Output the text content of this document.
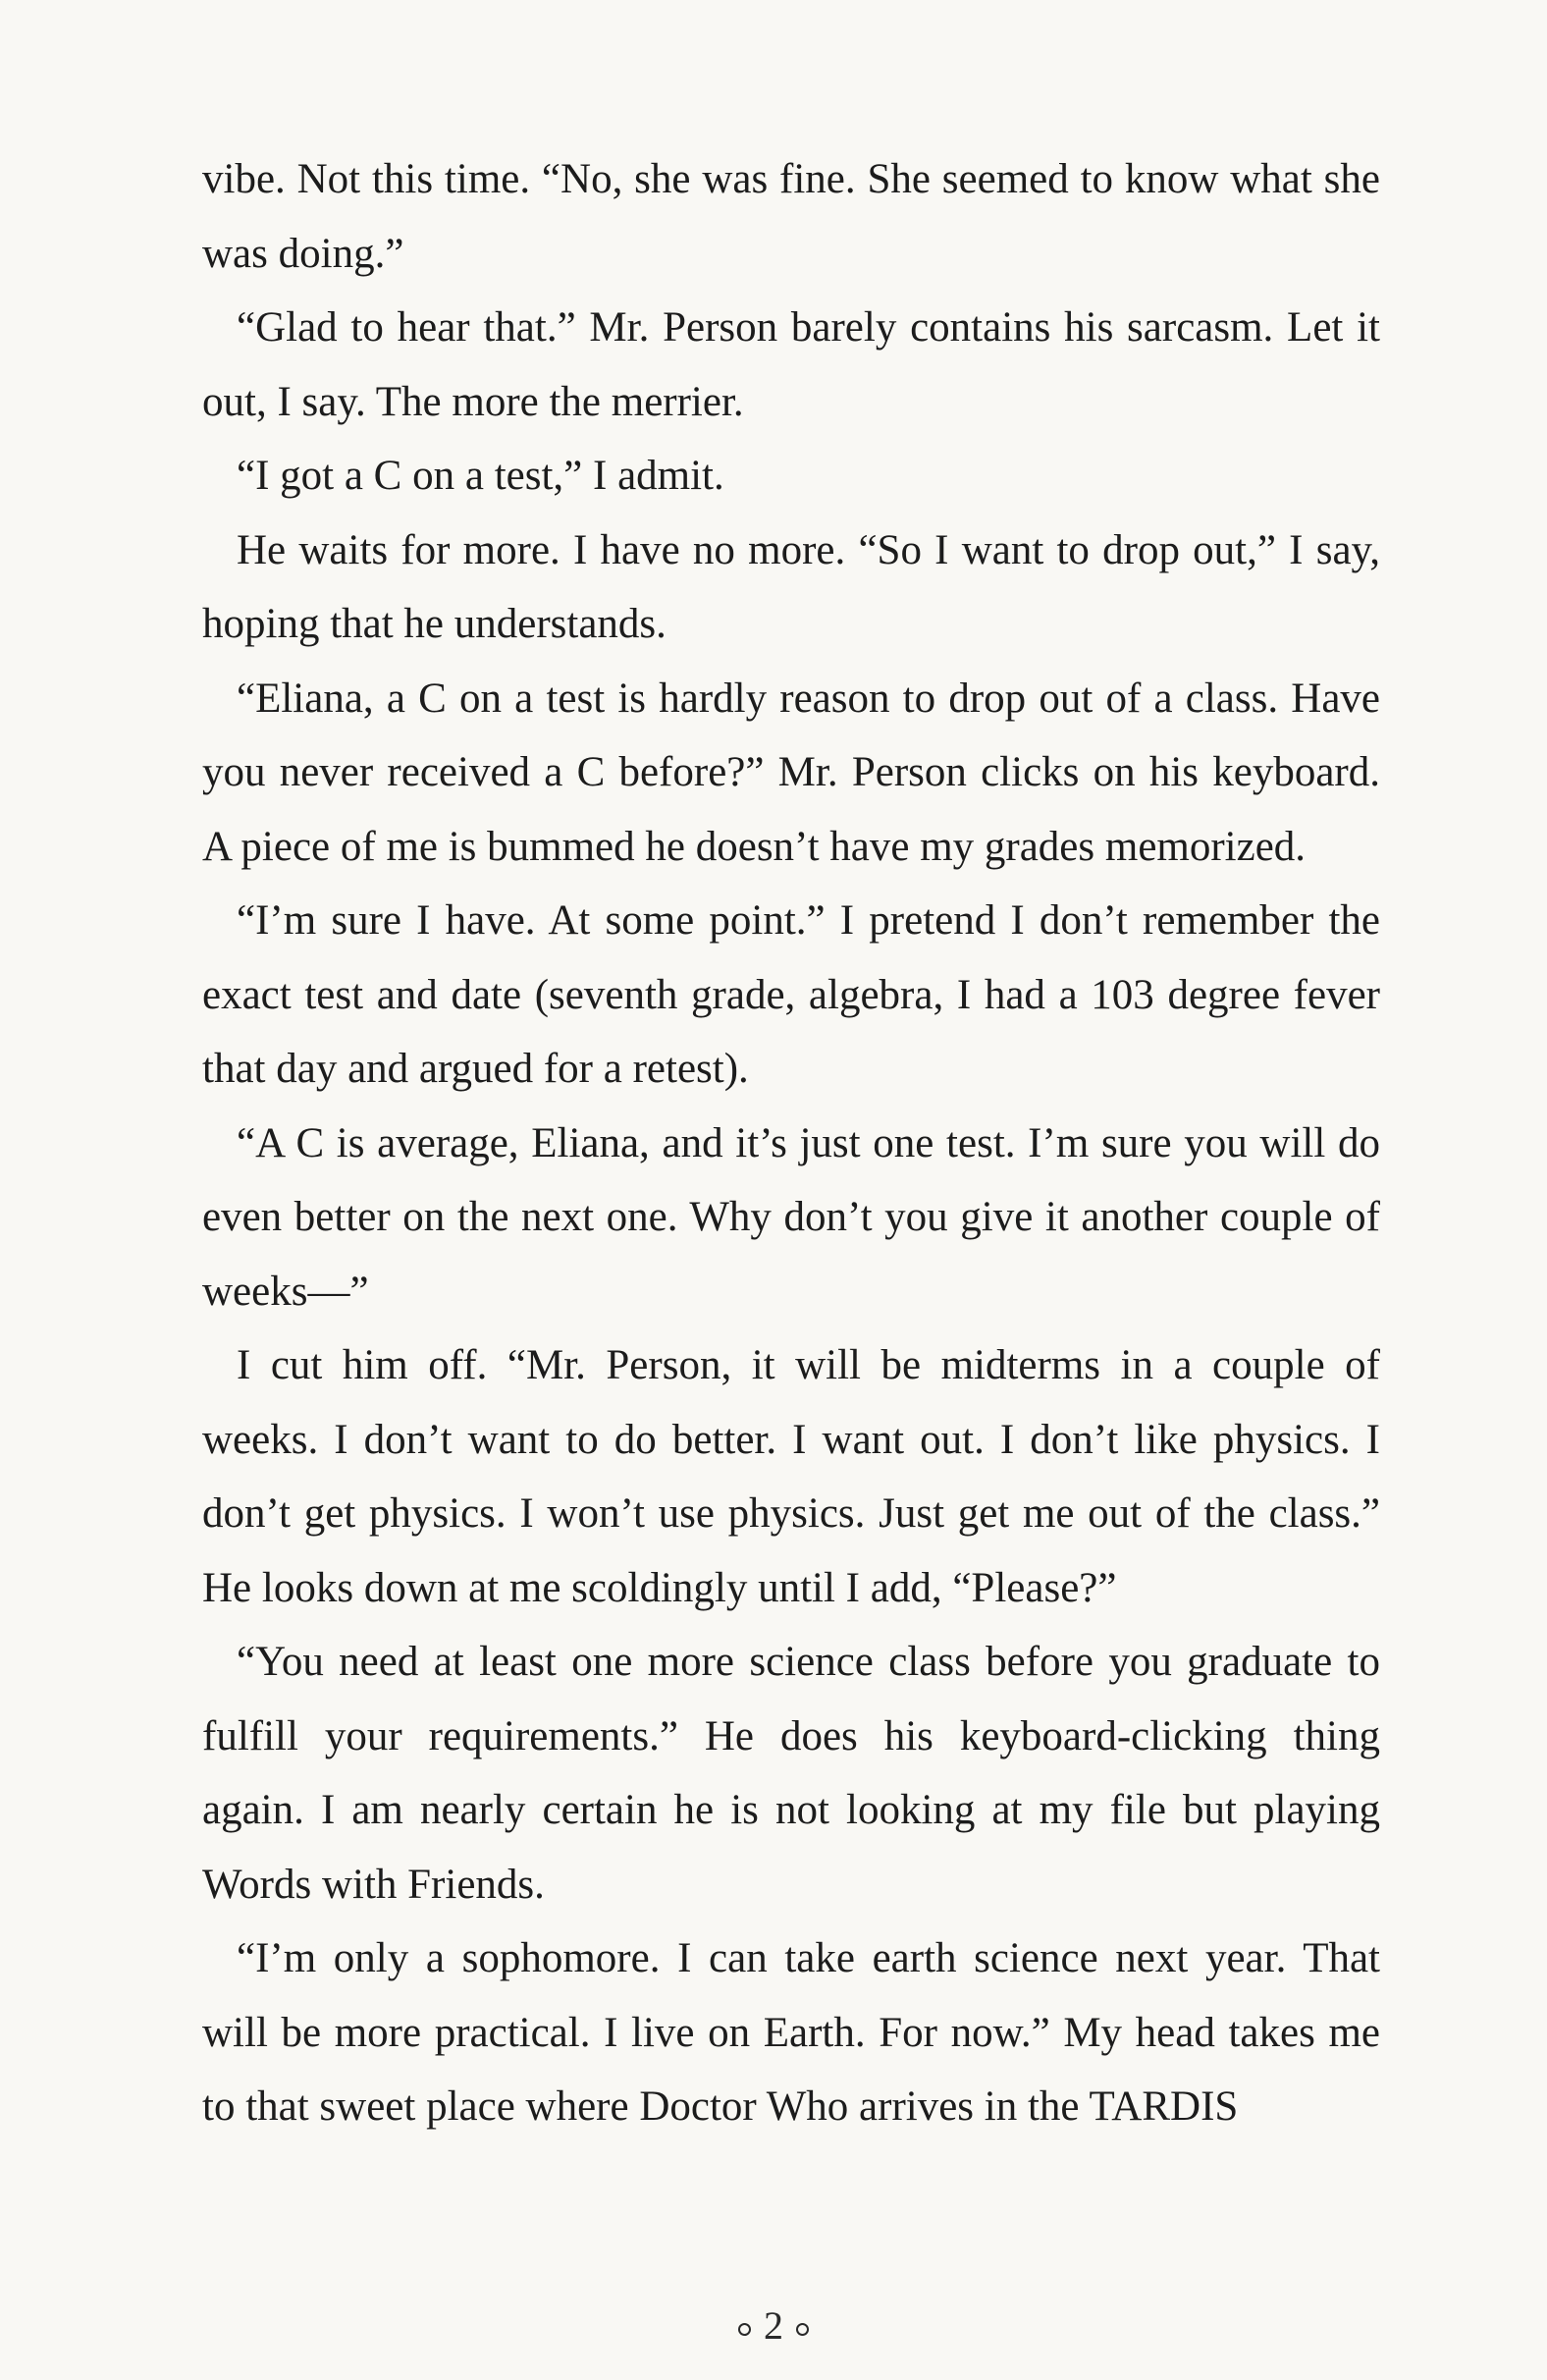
vibe. Not this time. “No, she was fine. She seemed to know what she was doing.”

“Glad to hear that.” Mr. Person barely contains his sarcasm. Let it out, I say. The more the merrier.

“I got a C on a test,” I admit.

He waits for more. I have no more. “So I want to drop out,” I say, hoping that he understands.

“Eliana, a C on a test is hardly reason to drop out of a class. Have you never received a C before?” Mr. Person clicks on his keyboard. A piece of me is bummed he doesn’t have my grades memorized.

“I’m sure I have. At some point.” I pretend I don’t remember the exact test and date (seventh grade, algebra, I had a 103 degree fever that day and argued for a retest).

“A C is average, Eliana, and it’s just one test. I’m sure you will do even better on the next one. Why don’t you give it another couple of weeks—”

I cut him off. “Mr. Person, it will be midterms in a couple of weeks. I don’t want to do better. I want out. I don’t like physics. I don’t get physics. I won’t use physics. Just get me out of the class.” He looks down at me scoldingly until I add, “Please?”

“You need at least one more science class before you graduate to fulfill your requirements.” He does his keyboard-clicking thing again. I am nearly certain he is not looking at my file but playing Words with Friends.

“I’m only a sophomore. I can take earth science next year. That will be more practical. I live on Earth. For now.” My head takes me to that sweet place where Doctor Who arrives in the TARDIS

2
